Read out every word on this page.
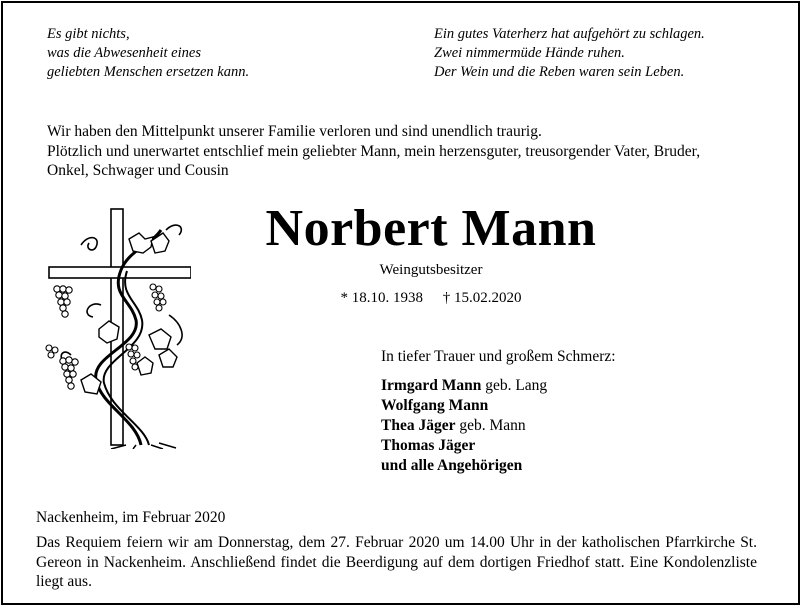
Es gibt nichts,
was die Abwesenheit eines
geliebten Menschen ersetzen kann.
Ein gutes Vaterherz hat aufgehört zu schlagen.
Zwei nimmermüde Hände ruhen.
Der Wein und die Reben waren sein Leben.
Wir haben den Mittelpunkt unserer Familie verloren und sind unendlich traurig.
Plötzlich und unerwartet entschlief mein geliebter Mann, mein herzensguter, treusorgender Vater, Bruder,
Onkel, Schwager und Cousin
Norbert Mann
Weingutsbesitzer
* 18.10. 1938 † 15.02.2020
In tiefer Trauer und großem Schmerz:
Irmgard Mann geb. Lang
Wolfgang Mann
Thea Jäger geb. Mann
Thomas Jäger
und alle Angehörigen
Nackenheim, im Februar 2020
Das Requiem feiern wir am Donnerstag, dem 27. Februar 2020 um 14.00 Uhr in der katholischen Pfarrkirche St. Gereon in Nackenheim. Anschließend findet die Beerdigung auf dem dortigen Friedhof statt. Eine Kondolenzliste liegt aus.
